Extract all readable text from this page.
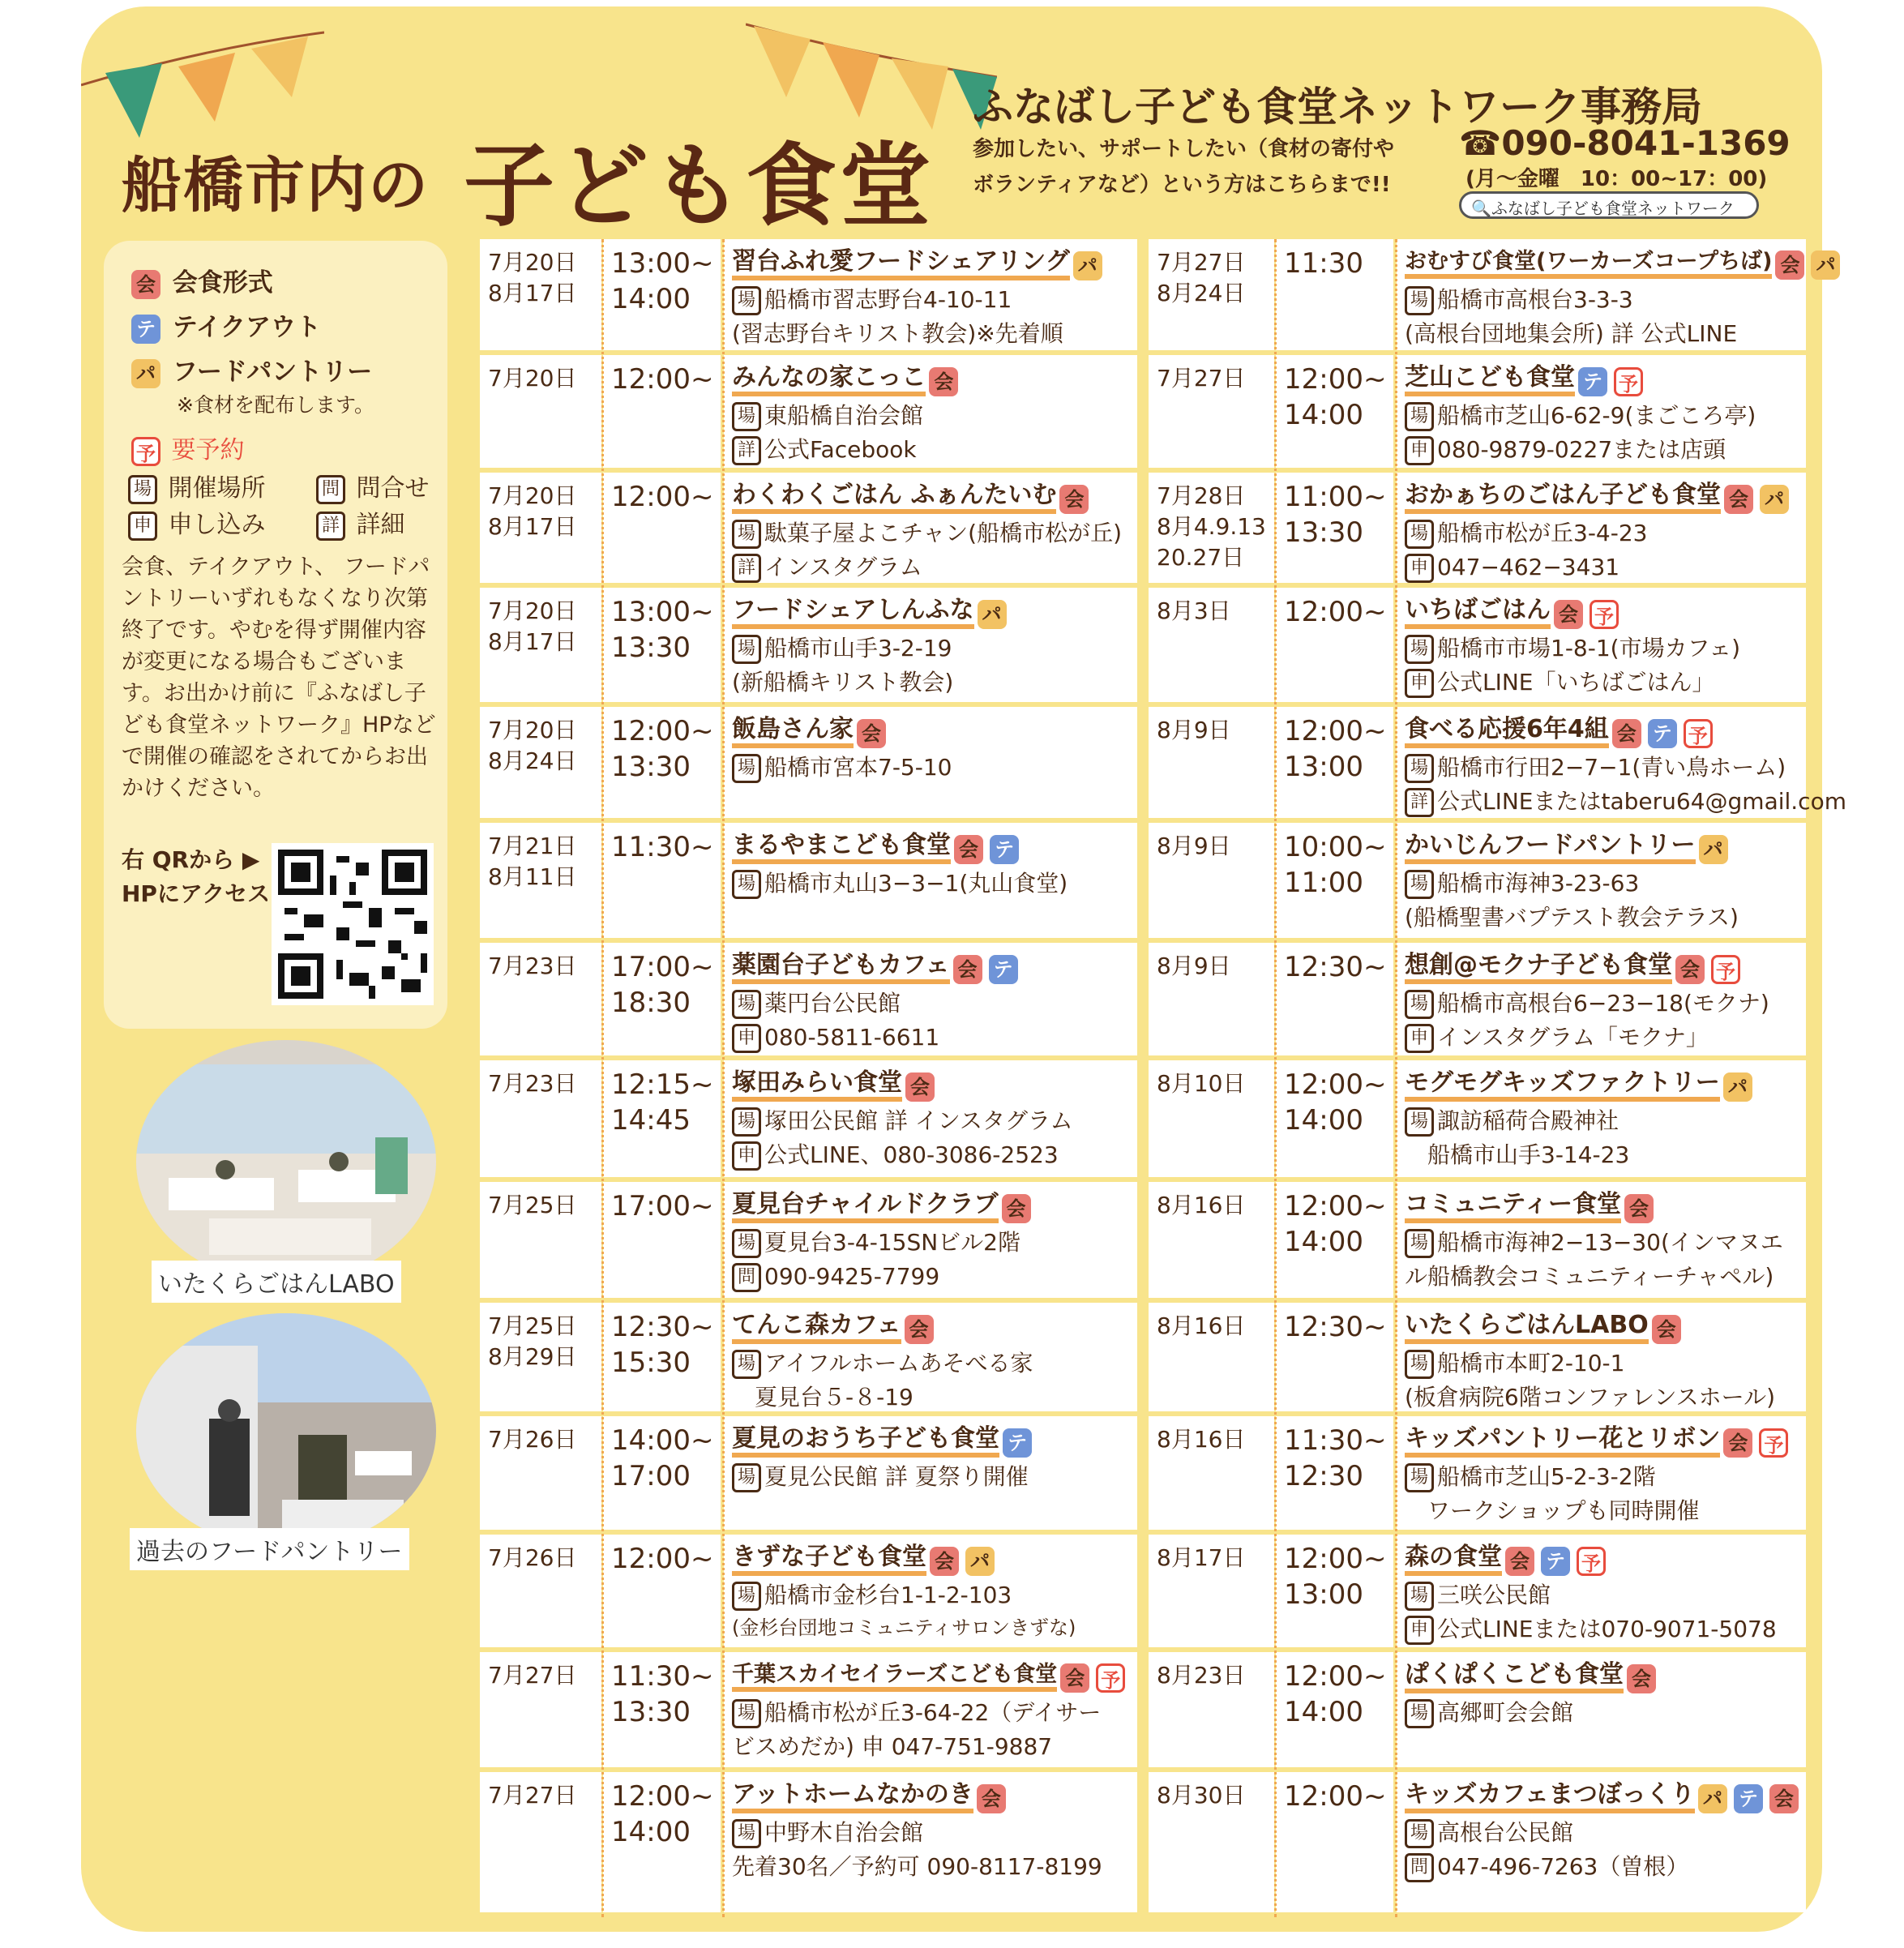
船橋市内の 子ども食堂
ふなばし子ども食堂ネットワーク事務局
参加したい、サポートしたい（食材の寄付や
ボランティアなど）という方はこちらまで!!
☎090-8041-1369
(月～金曜　10：00~17：00)
🔍ふなばし子ども食堂ネットワーク
会 会食形式
テ テイクアウト
パ フードパントリー
※食材を配布します。
予 要予約
場 開催場所	問 問合せ
申 申し込み	詳 詳細
会食、テイクアウト、 フードパントリーいずれもなくなり次第終了です。やむを得ず開催内容が変更になる場合もございます。お出かけ前に『ふなばし子ども食堂ネットワーク』HPなどで開催の確認をされてからお出かけください。
右 QRから ▶
HPにアクセス
いたくらごはんLABO
過去のフードパントリー
7月20日
8月17日
13:00~
14:00
習台ふれ愛フードシェアリング パ
場 船橋市習志野台4-10-11
(習志野台キリスト教会)※先着順
7月20日 12:00~ みんなの家こっこ 会
場 東船橋自治会館
詳 公式Facebook
7月20日
8月17日
12:00~ わくわくごはん ふぁんたいむ 会
場 駄菓子屋よこチャン(船橋市松が丘)
詳 インスタグラム
7月20日
8月17日
13:00~
13:30
フードシェアしんふな パ
場 船橋市山手3-2-19
(新船橋キリスト教会)
7月20日
8月24日
12:00~
13:30
飯島さん家 会
場 船橋市宮本7-5-10
7月21日
8月11日
11:30~ まるやまこども食堂 会 テ
場 船橋市丸山3−3−1(丸山食堂)
7月23日 17:00~
18:30
薬園台子どもカフェ 会 テ
場 薬円台公民館
申 080-5811-6611
7月23日 12:15~
14:45
塚田みらい食堂 会
場 塚田公民館 詳 インスタグラム
申 公式LINE、080-3086-2523
7月25日 17:00~ 夏見台チャイルドクラブ 会
場 夏見台3-4-15SNビル2階
問 090-9425-7799
7月25日
8月29日
12:30~
15:30
てんこ森カフェ 会
場 アイフルホームあそべる家
　夏見台５-８-19
7月26日 14:00~
17:00
夏見のおうち子ども食堂 テ
場 夏見公民館 詳 夏祭り開催
7月26日 12:00~ きずな子ども食堂 会 パ
場 船橋市金杉台1-1-2-103
(金杉台団地コミュニティサロンきずな)
7月27日 11:30~
13:30
千葉スカイセイラーズこども食堂 会 予
場 船橋市松が丘3-64-22（デイサー
ビスめだか) 申 047-751-9887
7月27日 12:00~
14:00
アットホームなかのき 会
場 中野木自治会館
先着30名／予約可 090-8117-8199
7月27日
8月24日
11:30 おむすび食堂(ワーカーズコープちば) 会 パ
場 船橋市高根台3-3-3
(高根台団地集会所) 詳 公式LINE
7月27日 12:00~
14:00
芝山こども食堂 テ 予
場 船橋市芝山6-62-9(まごころ亭)
申 080-9879-0227または店頭
7月28日
8月4.9.13
20.27日
11:00~
13:30
おかぁちのごはん子ども食堂 会 パ
場 船橋市松が丘3-4-23
申 047−462−3431
8月3日 12:00~ いちばごはん 会 予
場 船橋市市場1-8-1(市場カフェ)
申 公式LINE「いちばごはん」
8月9日 12:00~
13:00
食べる応援6年4組 会 テ 予
場 船橋市行田2−7−1(青い鳥ホーム)
詳 公式LINEまたはtaberu64@gmail.com
8月9日 10:00~
11:00
かいじんフードパントリー パ
場 船橋市海神3-23-63
(船橋聖書バプテスト教会テラス)
8月9日 12:30~ 想創@モクナ子ども食堂 会 予
場 船橋市高根台6−23−18(モクナ)
申 インスタグラム「モクナ」
8月10日 12:00~
14:00
モグモグキッズファクトリー パ
場 諏訪稲荷合殿神社
　船橋市山手3-14-23
8月16日 12:00~
14:00
コミュニティー食堂 会
場 船橋市海神2−13−30(インマヌエ
ル船橋教会コミュニティーチャペル)
8月16日 12:30~ いたくらごはんLABO 会
場 船橋市本町2-10-1
(板倉病院6階コンファレンスホール)
8月16日 11:30~
12:30
キッズパントリー花とリボン 会 予
場 船橋市芝山5-2-3-2階
　ワークショップも同時開催
8月17日 12:00~
13:00
森の食堂 会 テ 予
場 三咲公民館
申 公式LINEまたは070-9071-5078
8月23日 12:00~
14:00
ぱくぱくこども食堂 会
場 高郷町会会館
8月30日 12:00~ キッズカフェまつぼっくり パ テ 会
場 高根台公民館
問 047-496-7263（曽根）
